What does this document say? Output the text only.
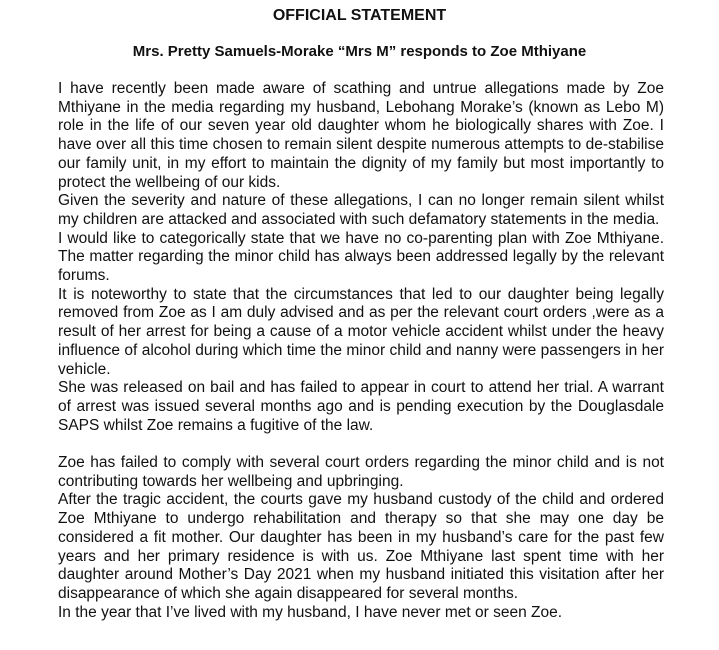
OFFICIAL STATEMENT
Mrs. Pretty Samuels-Morake “Mrs M” responds to Zoe Mthiyane

I have recently been made aware of scathing and untrue allegations made by Zoe Mthiyane in the media regarding my husband, Lebohang Morake’s (known as Lebo M) role in the life of our seven year old daughter whom he biologically shares with Zoe. I have over all this time chosen to remain silent despite numerous attempts to de-stabilise our family unit, in my effort to maintain the dignity of my family but most importantly to protect the wellbeing of our kids.

Given the severity and nature of these allegations, I can no longer remain silent whilst my children are attacked and associated with such defamatory statements in the media.

I would like to categorically state that we have no co-parenting plan with Zoe Mthiyane. The matter regarding the minor child has always been addressed legally by the relevant forums.

It is noteworthy to state that the circumstances that led to our daughter being legally removed from Zoe as I am duly advised and as per the relevant court orders ,were as a result of her arrest for being a cause of a motor vehicle accident whilst under the heavy influence of alcohol during which time the minor child and nanny were passengers in her vehicle.

She was released on bail and has failed to appear in court to attend her trial. A warrant of arrest was issued several months ago and is pending execution by the Douglasdale SAPS whilst Zoe remains a fugitive of the law.

Zoe has failed to comply with several court orders regarding the minor child and is not contributing towards her wellbeing and upbringing.

After the tragic accident, the courts gave my husband custody of the child and ordered Zoe Mthiyane to undergo rehabilitation and therapy so that she may one day be considered a fit mother. Our daughter has been in my husband’s care for the past few years and her primary residence is with us. Zoe Mthiyane last spent time with her daughter around Mother’s Day 2021 when my husband initiated this visitation after her disappearance of which she again disappeared for several months.

In the year that I’ve lived with my husband, I have never met or seen Zoe.
